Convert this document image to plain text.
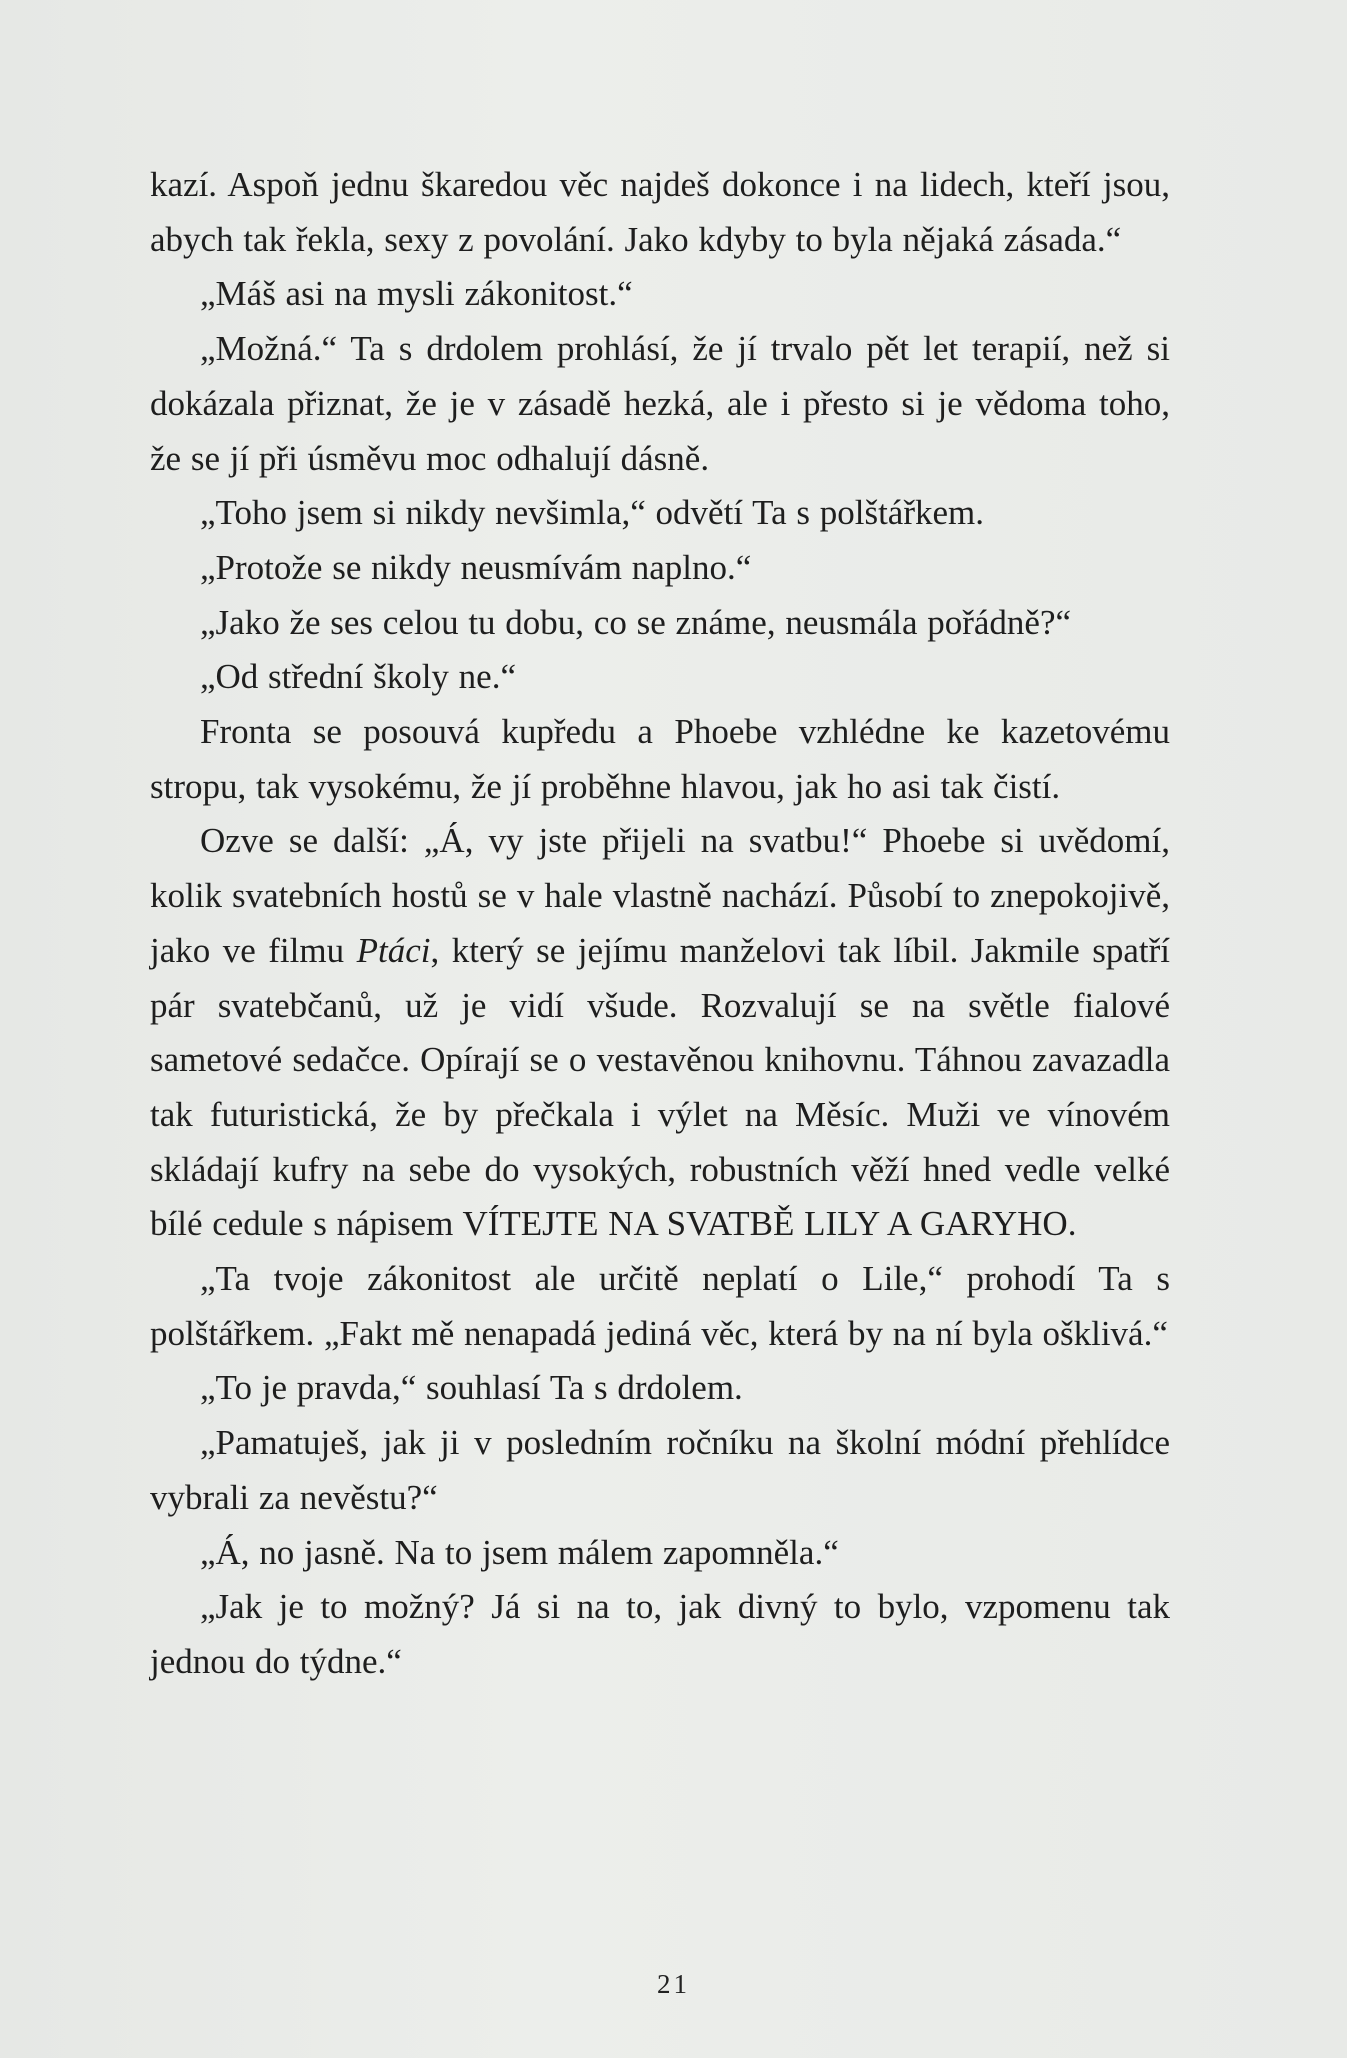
kazí. Aspoň jednu škaredou věc najdeš dokonce i na lidech, kteří jsou, abych tak řekla, sexy z povolání. Jako kdyby to byla nějaká zásada.“

„Máš asi na mysli zákonitost.“

„Možná.“ Ta s drdolem prohlásí, že jí trvalo pět let terapií, než si dokázala přiznat, že je v zásadě hezká, ale i přesto si je vědoma toho, že se jí při úsměvu moc odhalují dásně.

„Toho jsem si nikdy nevšimla,“ odvětí Ta s polštářkem.

„Protože se nikdy neusmívám naplno.“

„Jako že ses celou tu dobu, co se známe, neusmála pořádně?“

„Od střední školy ne.“

Fronta se posouvá kupředu a Phoebe vzhlédne ke kazetovému stropu, tak vysokému, že jí proběhne hlavou, jak ho asi tak čistí.

Ozve se další: „Á, vy jste přijeli na svatbu!“ Phoebe si uvědomí, kolik svatebních hostů se v hale vlastně nachází. Působí to znepokojivě, jako ve filmu Ptáci, který se jejímu manželovi tak líbil. Jakmile spatří pár svatebčanů, už je vidí všude. Rozvalují se na světle fialové sametové sedačce. Opírají se o vestavěnou knihovnu. Táhnou zavazadla tak futuristická, že by přečkala i výlet na Měsíc. Muži ve vínovém skládají kufry na sebe do vysokých, robustních věží hned vedle velké bílé cedule s nápisem VÍTEJTE NA SVATBĚ LILY A GARYHO.

„Ta tvoje zákonitost ale určitě neplatí o Lile,“ prohodí Ta s polštářkem. „Fakt mě nenapadá jediná věc, která by na ní byla ošklivá.“

„To je pravda,“ souhlasí Ta s drdolem.

„Pamatuješ, jak ji v posledním ročníku na školní módní přehlídce vybrali za nevěstu?“

„Á, no jasně. Na to jsem málem zapomněla.“

„Jak je to možný? Já si na to, jak divný to bylo, vzpomenu tak jednou do týdne.“

21
